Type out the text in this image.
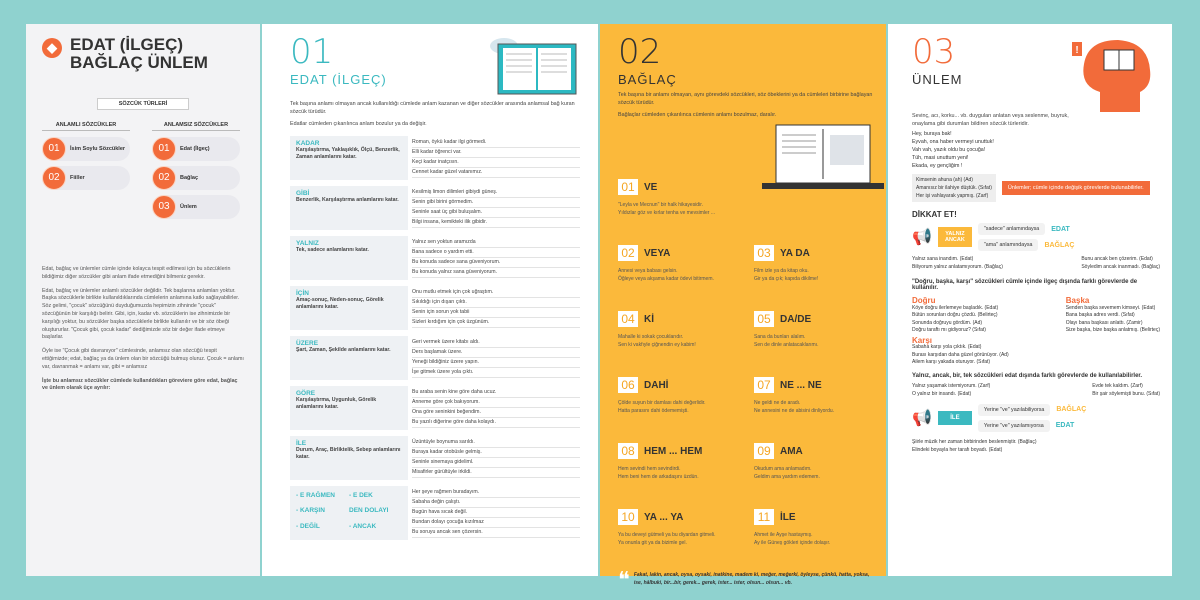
◆ EDAT (İLGEÇ) BAĞLAÇ ÜNLEM
SÖZCÜK TÜRLERİ
ANLAMLI SÖZCÜKLER
01	İsim Soylu Sözcükler
02	Fiiller
ANLAMSIZ SÖZCÜKLER
01	Edat (İlgeç)
02	Bağlaç
03	Ünlem

Edat, bağlaç ve ünlemler cümle içinde kolayca tespit edilmesi için bu sözcüklerin bildiğimiz diğer sözcükler gibi anlam ifade etmediğini bilmeniz gerekir.

Edat, bağlaç ve ünlemler anlamlı sözcükler değildir. Tek başlarına anlamları yoktur. Başka sözcüklerle birlikte kullanıldıklarında cümlelerin anlamına katkı sağlayabilirler. Söz gelimi, "çocuk" sözcüğünü duyduğumuzda hepimizin zihninde "çocuk" sözcüğünün bir karşılığı belirir. Gibi, için, kadar vb. sözcüklerin ise zihnimizde bir karşılığı yoktur, bu sözcükler başka sözcüklerle birlikte kullanılır ve bir söz öbeği oluştururlar. "Çocuk gibi, çocuk kadar" dediğimizde söz bir değer ifade etmeye başlarlar.

Öyle ise "Çocuk gibi davranıyor" cümlesinde, anlamsız olan sözcüğü tespit ettiğimizde; edat, bağlaç ya da ünlem olan bir sözcüğü bulmuş oluruz. Çocuk = anlamı var, davranmak = anlamı var, gibi = anlamsız

İşte bu anlamsız sözcükler cümlede kullanıldıkları göreviere göre edat, bağlaç ve ünlem olarak üçe ayrılır:

01
EDAT (İLGEÇ)
Tek başına anlamı olmayan ancak kullanıldığı cümlede anlam kazanan ve diğer sözcükler arasında anlamsal bağ kuran sözcük türüdür.
Edatlar cümleden çıkarılınca anlam bozulur ya da değişir.
KADAR
Karşılaştırma, Yaklaşıklık, Ölçü, Benzerlik, Zaman anlamlarını katar.
Roman, öykü kadar ilgi görmedi.
Elli kadar öğrenci var.
Keçi kadar inatçısın.
Cennet kadar güzel vatanımız.
GİBİ
Benzerlik, Karşılaştırma anlamlarını katar.
Kesilmiş limon dilimleri gibiydi güneş.
Senin gibi birini görmedim.
Seninle saat üç gibi buluşalım.
Bilgi insana, kemikteki ilik gibidir.
YALNIZ
Tek, sadece anlamlarını katar.
Yalnız sen yoktun aramızda
Bana sadece o yardım etti.
Bu konuda sadece sana güveniyorum.
Bu konuda yalnız sana güveniyorum.
İÇİN
Amaç-sonuç, Neden-sonuç, Görelik anlamlarını katar.
Onu mutlu etmek için çok uğraştım.
Sıkıldığı için dışarı çıktı.
Senin için sorun yok tabii
Sizleri kırdığım için çok üzgünüm.
ÜZERE
Şart, Zaman, Şekilde anlamlarını katar.
Geri vermek üzere kitabı aldı.
Ders başlamak üzere.
Yeneği bildiğiniz üzere yapın.
İşe gitmek üzere yola çıktı.
GÖRE
Karşılaştırma, Uygunluk, Görelik anlamlarını katar.
Bu araba senin kine göre daha ucuz.
Anneme göre çok bakıyorum.
Ona göre seninkini beğendim.
Bu yazılı diğerine göre daha kolaydı.
İLE
Durum, Araç, Birliktelik, Sebep anlamlarını katar.
Üzüntüyle boynuma sarıldı.
Buraya kadar otobüsle gelmiş.
Seninle sinemaya gideliml.
Misafirler gürültüyle irkildi.
- E RAĞMEN	- E DEK
- KARŞIN	DEN DOLAYI
- DEĞİL	- ANCAK
Her şeye rağmen buradayım.
Sabaha değin çalıştı.
Bugün hava sıcak değil.
Bundan dolayı çocuğa kızılmaz
Bu soruyu ancak sen çözersin.
02
BAĞLAÇ
Tek başına bir anlamı olmayan, aynı görevdeki sözcükleri, söz öbeklerini ya da cümleleri birbirine bağlayan sözcük türüdür.
Bağlaçlar cümleden çıkarılınca cümlenin anlamı bozulmaz, daralır.
01 VE
"Leyla ve Mecnun" bir halk hikayesidir.
Yıldızlar göz ve kırlar tenha ve mevsimler ...
02 VEYA
Annesi veya babası gelsin.
Öğleye veya akşama kadar ödevi bitirmem.
03 YA DA
Film izle ya da kitap oku.
Gir ya da çık; kapıda dikilme!
04 Kİ
Mahalle ki sokak çocuklarıdır.
Sen ki vakfıyle çiğnendin ey kabim!
05 DA/DE
Sana da bunları alalım.
Sen de dinle anlatacaklarımı.
06 DAHİ
Çölde suyun bir damlası dahi değerlidir.
Hatta parasını dahi ödememişti.
07 NE ... NE
Ne geldi ne de aradı.
Ne annesini ne de abisini dinliyordu.
08 HEM ... HEM
Hem sevindi hem sevindirdi.
Hem beni hem de arkadaşını üzdün.
09 AMA
Okudum ama anlamadım.
Geldim ama yardım edemem.
10 YA ... YA
Ya bu deveyi gütmeli ya bu diyardan gitmeli.
Ya onunla git ya da bizimle gel.
11 İLE
Ahmet ile Ayşe hastaymış.
Ay ile Güneş gökleri içinde dolaşır.
❝ Fakat, lakin, ancak, oysa, oysaki, inatkine, madem ki, meğer, meğerki, öyleyse, çünkü, hatta, yoksa, ise, hâlbuki, bir...bir, gerek... gerek, ister... ister, olsun... olsun... vb.
03
ÜNLEM
!
Sevinç, acı, korku... vb. duyguları anlatan veya seslenme, buyruk, onaylama gibi durumları bildiren sözcük türleridir.
Hey, buraya bak!
Eyvah, ona haber vermeyi unuttuk!
Vah vah, yazık oldu bu çocuğa!
Tüh, masi unuttum yeni!
Ekada, ey gençliğim !
Kimsenin ahuna (ah) (Ad)
Amanısız bir ilahiye düştük. (Sıfat)
Her işi vahlayarak yapmış. (Zarf)
Ünlemler; cümle içinde değişik görevlerde bulunabilirler.
DİKKAT ET!
📢	YALNIZ ANCAK
"sadece" anlamındaysa	EDAT
"ama" anlamındaysa	BAĞLAÇ
Yalnız sana inandım. (Edat)
Biliyorum yalnız anlatamıyorum. (Bağlaç)
Bunu ancak ben çözerim. (Edat)
Söyledim ancak inanmadı. (Bağlaç)
"Doğru, başka, karşı" sözcükleri cümle içinde ilgeç dışında farklı görevlerde de kullanılır.
Doğru
Köye doğru ilerlemeye başladık. (Edat)
Bütün sorunları doğru çözdü. (Belirteç)
Sonunda doğruyu gördüm. (Ad)
Doğru taraftı mı gidiyoruz? (Sıfat)
Karşı
Sabaha karşı yola çıktık. (Edat)
Burası karşıdan daha güzel görünüyor. (Ad)
Ailem karşı yakada oturuyor. (Sıfat)
Başka
Senden başka sevemem kimseyi. (Edat)
Bana başka adres verdi. (Sıfat)
Olayı bana başkası anlattı. (Zamir)
Size başka, bize başka anlatmış. (Belirteç)
Yalnız, ancak, bir, tek sözcükleri edat dışında farklı görevlerde de kullanılabilirler.
Yalnız yaşamak istemiyorum. (Zarf)
O yalnız bir insandı. (Edat)
Evde tek kaldım. (Zarf)
Bir şair söylemişti bunu. (Sıfat)
📢	İLE
Yerine "ve" yazılabiliyorsa	BAĞLAÇ
Yerine "ve" yazılamıyorsa	EDAT
Şiirle müzik her zaman birbirinden beslenmiştir. (Bağlaç)
Elindeki boyayla her tarafı boyadı. (Edat)
